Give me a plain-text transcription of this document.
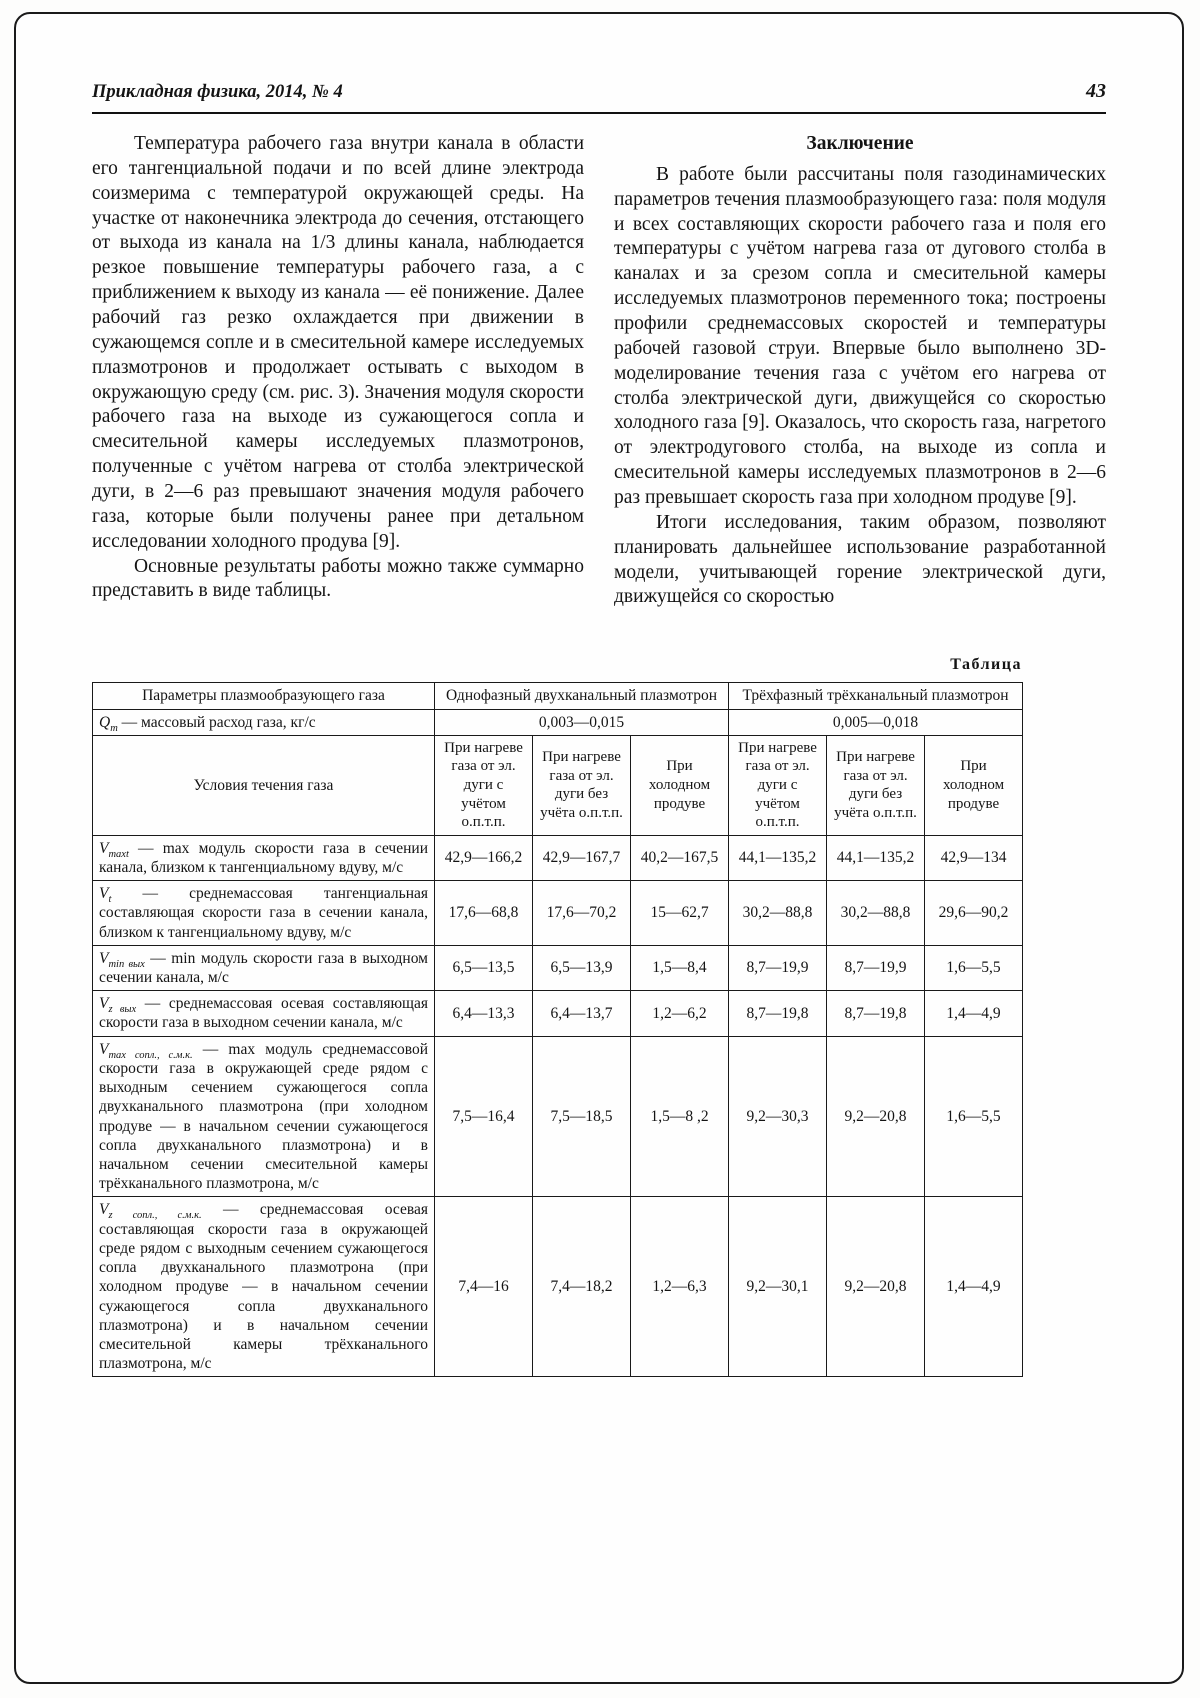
Прикладная физика, 2014, № 4	43

Температура рабочего газа внутри канала в области его тангенциальной подачи и по всей длине электрода соизмерима с температурой окружающей среды. На участке от наконечника электрода до сечения, отстающего от выхода из канала на 1/3 длины канала, наблюдается резкое повышение температуры рабочего газа, а с приближением к выходу из канала — её понижение. Далее рабочий газ резко охлаждается при движении в сужающемся сопле и в смесительной камере исследуемых плазмотронов и продолжает остывать с выходом в окружающую среду (см. рис. 3). Значения модуля скорости рабочего газа на выходе из сужающегося сопла и смесительной камеры исследуемых плазмотронов, полученные с учётом нагрева от столба электрической дуги, в 2—6 раз превышают значения модуля рабочего газа, которые были получены ранее при детальном исследовании холодного продува [9].

Основные результаты работы можно также суммарно представить в виде таблицы.

Заключение

В работе были рассчитаны поля газодинамических параметров течения плазмообразующего газа: поля модуля и всех составляющих скорости рабочего газа и поля его температуры с учётом нагрева газа от дугового столба в каналах и за срезом сопла и смесительной камеры исследуемых плазмотронов переменного тока; построены профили среднемассовых скоростей и температуры рабочей газовой струи. Впервые было выполнено 3D-моделирование течения газа с учётом его нагрева от столба электрической дуги, движущейся со скоростью холодного газа [9]. Оказалось, что скорость газа, нагретого от электродугового столба, на выходе из сопла и смесительной камеры исследуемых плазмотронов в 2—6 раз превышает скорость газа при холодном продуве [9].

Итоги исследования, таким образом, позволяют планировать дальнейшее использование разработанной модели, учитывающей горение электрической дуги, движущейся со скоростью

Таблица
Параметры плазмообразующего газа	Однофазный двухканальный плазмотрон			Трёхфазный трёхканальный плазмотрон		
$Q_m$ — массовый расход газа, кг/с	0,003—0,015			0,005—0,018		
Условия течения газа	При нагреве газа от эл. дуги с учётом о.п.т.п.	При нагреве газа от эл. дуги без учёта о.п.т.п.	При холодном продуве	При нагреве газа от эл. дуги с учётом о.п.т.п.	При нагреве газа от эл. дуги без учёта о.п.т.п.	При холодном продуве
$V_{maxt}$ — max модуль скорости газа в сечении канала, близком к тангенциальному вдуву, м/с	42,9—166,2	42,9—167,7	40,2—167,5	44,1—135,2	44,1—135,2	42,9—134
$V_t$ — среднемассовая тангенциальная составляющая скорости газа в сечении канала, близком к тангенциальному вдуву, м/с	17,6—68,8	17,6—70,2	15—62,7	30,2—88,8	30,2—88,8	29,6—90,2
$V_{min вых}$ — min модуль скорости газа в выходном сечении канала, м/с	6,5—13,5	6,5—13,9	1,5—8,4	8,7—19,9	8,7—19,9	1,6—5,5
$V_{z вых}$ — среднемассовая осевая составляющая скорости газа в выходном сечении канала, м/с	6,4—13,3	6,4—13,7	1,2—6,2	8,7—19,8	8,7—19,8	1,4—4,9
$V_{max сопл., с.м.к.}$ — max модуль среднемассовой скорости газа в окружающей среде рядом с выходным сечением сужающегося сопла двухканального плазмотрона (при холодном продуве — в начальном сечении сужающегося сопла двухканального плазмотрона) и в начальном сечении смесительной камеры трёхканального плазмотрона, м/с	7,5—16,4	7,5—18,5	1,5—8 ,2	9,2—30,3	9,2—20,8	1,6—5,5
$V_{z сопл., с.м.к.}$ — среднемассовая осевая составляющая скорости газа в окружающей среде рядом с выходным сечением сужающегося сопла двухканального плазмотрона (при холодном продуве — в начальном сечении сужающегося сопла двухканального плазмотрона) и в начальном сечении смесительной камеры трёхканального плазмотрона, м/с	7,4—16	7,4—18,2	1,2—6,3	9,2—30,1	9,2—20,8	1,4—4,9
